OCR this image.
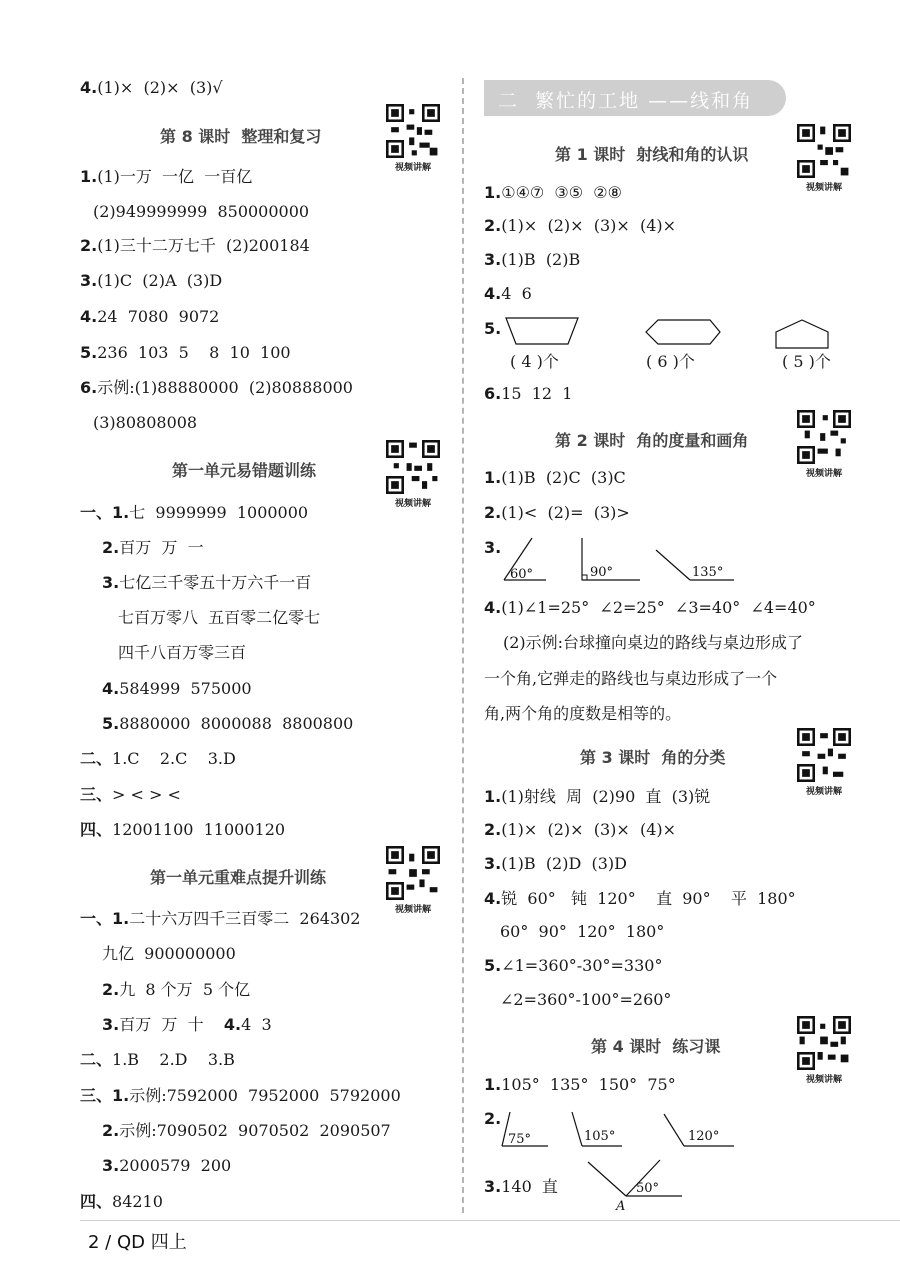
4.(1)×  (2)×  (3)√
第 8 课时  整理和复习
视频讲解
1.(1)一万  一亿  一百亿
(2)949999999  850000000
2.(1)三十二万七千  (2)200184
3.(1)C  (2)A  (3)D
4.24  7080  9072
5.236  103  5    8  10  100
6.示例:(1)88880000  (2)80888000
(3)80808008
第一单元易错题训练
视频讲解
一、1.七  9999999  1000000
2.百万  万  一
3.七亿三千零五十万六千一百
七百万零八  五百零二亿零七
四千八百万零三百
4.584999  575000
5.8880000  8000088  8800800
二、1.C    2.C    3.D
三、> < > <
四、12001100  11000120
第一单元重难点提升训练
视频讲解
一、1.二十六万四千三百零二  264302
九亿  900000000
2.九  8 个万  5 个亿
3.百万  万  十 4.4  3
二、1.B    2.D    3.B
三、1.示例:7592000  7952000  5792000
2.示例:7090502  9070502  2090507
3.2000579  200
四、84210
二  繁忙的工地 ——线和角
第 1 课时  射线和角的认识
视频讲解
1.①④⑦  ③⑤  ②⑧
2.(1)×  (2)×  (3)×  (4)×
3.(1)B  (2)B
4.4  6
5.
( 4 )个	( 6 )个	( 5 )个
6.15  12  1
第 2 课时  角的度量和画角
视频讲解
1.(1)B  (2)C  (3)C
2.(1)<  (2)=  (3)>
3.
60°	90°	135°
4.(1)∠1=25°  ∠2=25°  ∠3=40°  ∠4=40°
(2)示例:台球撞向桌边的路线与桌边形成了
一个角,它弹走的路线也与桌边形成了一个
角,两个角的度数是相等的。
第 3 课时  角的分类
视频讲解
1.(1)射线  周  (2)90  直  (3)锐
2.(1)×  (2)×  (3)×  (4)×
3.(1)B  (2)D  (3)D
4.锐  60°   钝  120°    直  90°    平  180°
60°  90°  120°  180°
5.∠1=360°-30°=330°
∠2=360°-100°=260°
第 4 课时  练习课
视频讲解
1.105°  135°  150°  75°
2.
75°	105°	120°
3.140  直	50°
A
2 / QD 四上
